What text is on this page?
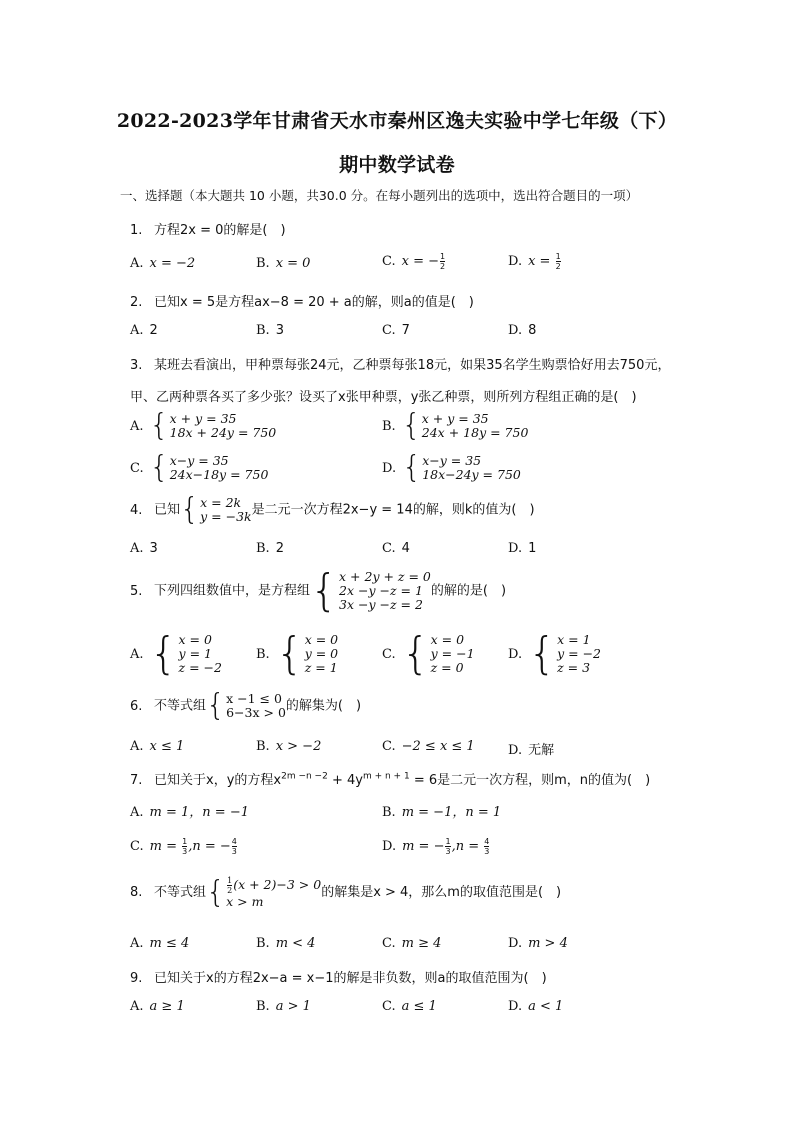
2022-2023学年甘肃省天水市秦州区逸夫实验中学七年级（下）
期中数学试卷
一、选择题（本大题共 10 小题，共30.0 分。在每小题列出的选项中，选出符合题目的一项）
1. 方程2x = 0的解是(　)
A. x = −2	B. x = 0	C. x = − $\frac{1}{2}$	D. $x = \frac{1}{2}$
2. 已知x = 5是方程ax−8 = 20 + a的解，则a的值是(　)
A. 2	B. 3	C. 7	D. 8
3. 某班去看演出，甲种票每张24元，乙种票每张18元，如果35名学生购票恰好用去750元，
甲、乙两种票各买了多少张？设买了x张甲种票，y张乙种票，则所列方程组正确的是(　)
A. { x + y = 35
18x + 24y = 750	B. { x + y = 35
24x + 18y = 750
C. { x−y = 35
24x−18y = 750	D. { x−y = 35
18x−24y = 750
4. 已知 { x = 2k
y = −3k 是二元一次方程2x−y = 14的解，则k的值为(　)
A. 3	B. 2	C. 4	D. 1
5. 下列四组数值中，是方程组 { x + 2y + z = 0
2x −y −z = 1
3x −y −z = 2
的解的是(　)
A. { x = 0
y = 1
z = −2
B. { x = 0
y = 0
z = 1
C. { x = 0
y = −1
z = 0
D. { x = 1
y = −2
z = 3
6. 不等式组 { x −1 ≤ 0
6−3x > 0 的解集为(　)
A. x ≤ 1	B. x > −2	C. −2 ≤ x ≤ 1	D. 无解
7. 已知关于x，y的方程$x^{2m -n -2} + 4y^{m + n + 1} = 6$是二元一次方程，则m，n的值为(　)
A. m = 1，n = −1	B. m = −1，n = 1
C. $m = \frac{1}{3} ,n$ = − $\frac{4}{3}$	D. m = − $\frac{1}{3} ,n = \frac{4}{3}$
8. 不等式组 { $\frac{1}{2} (x + 2)-3 > 0$
x > m
的解集是x > 4，那么m的取值范围是(　)
A. m ≤ 4	B. m < 4	C. m ≥ 4	D. m > 4
9. 已知关于x的方程2x−a = x−1的解是非负数，则a的取值范围为(　)
A. a ≥ 1	B. a > 1	C. a ≤ 1	D. a < 1
